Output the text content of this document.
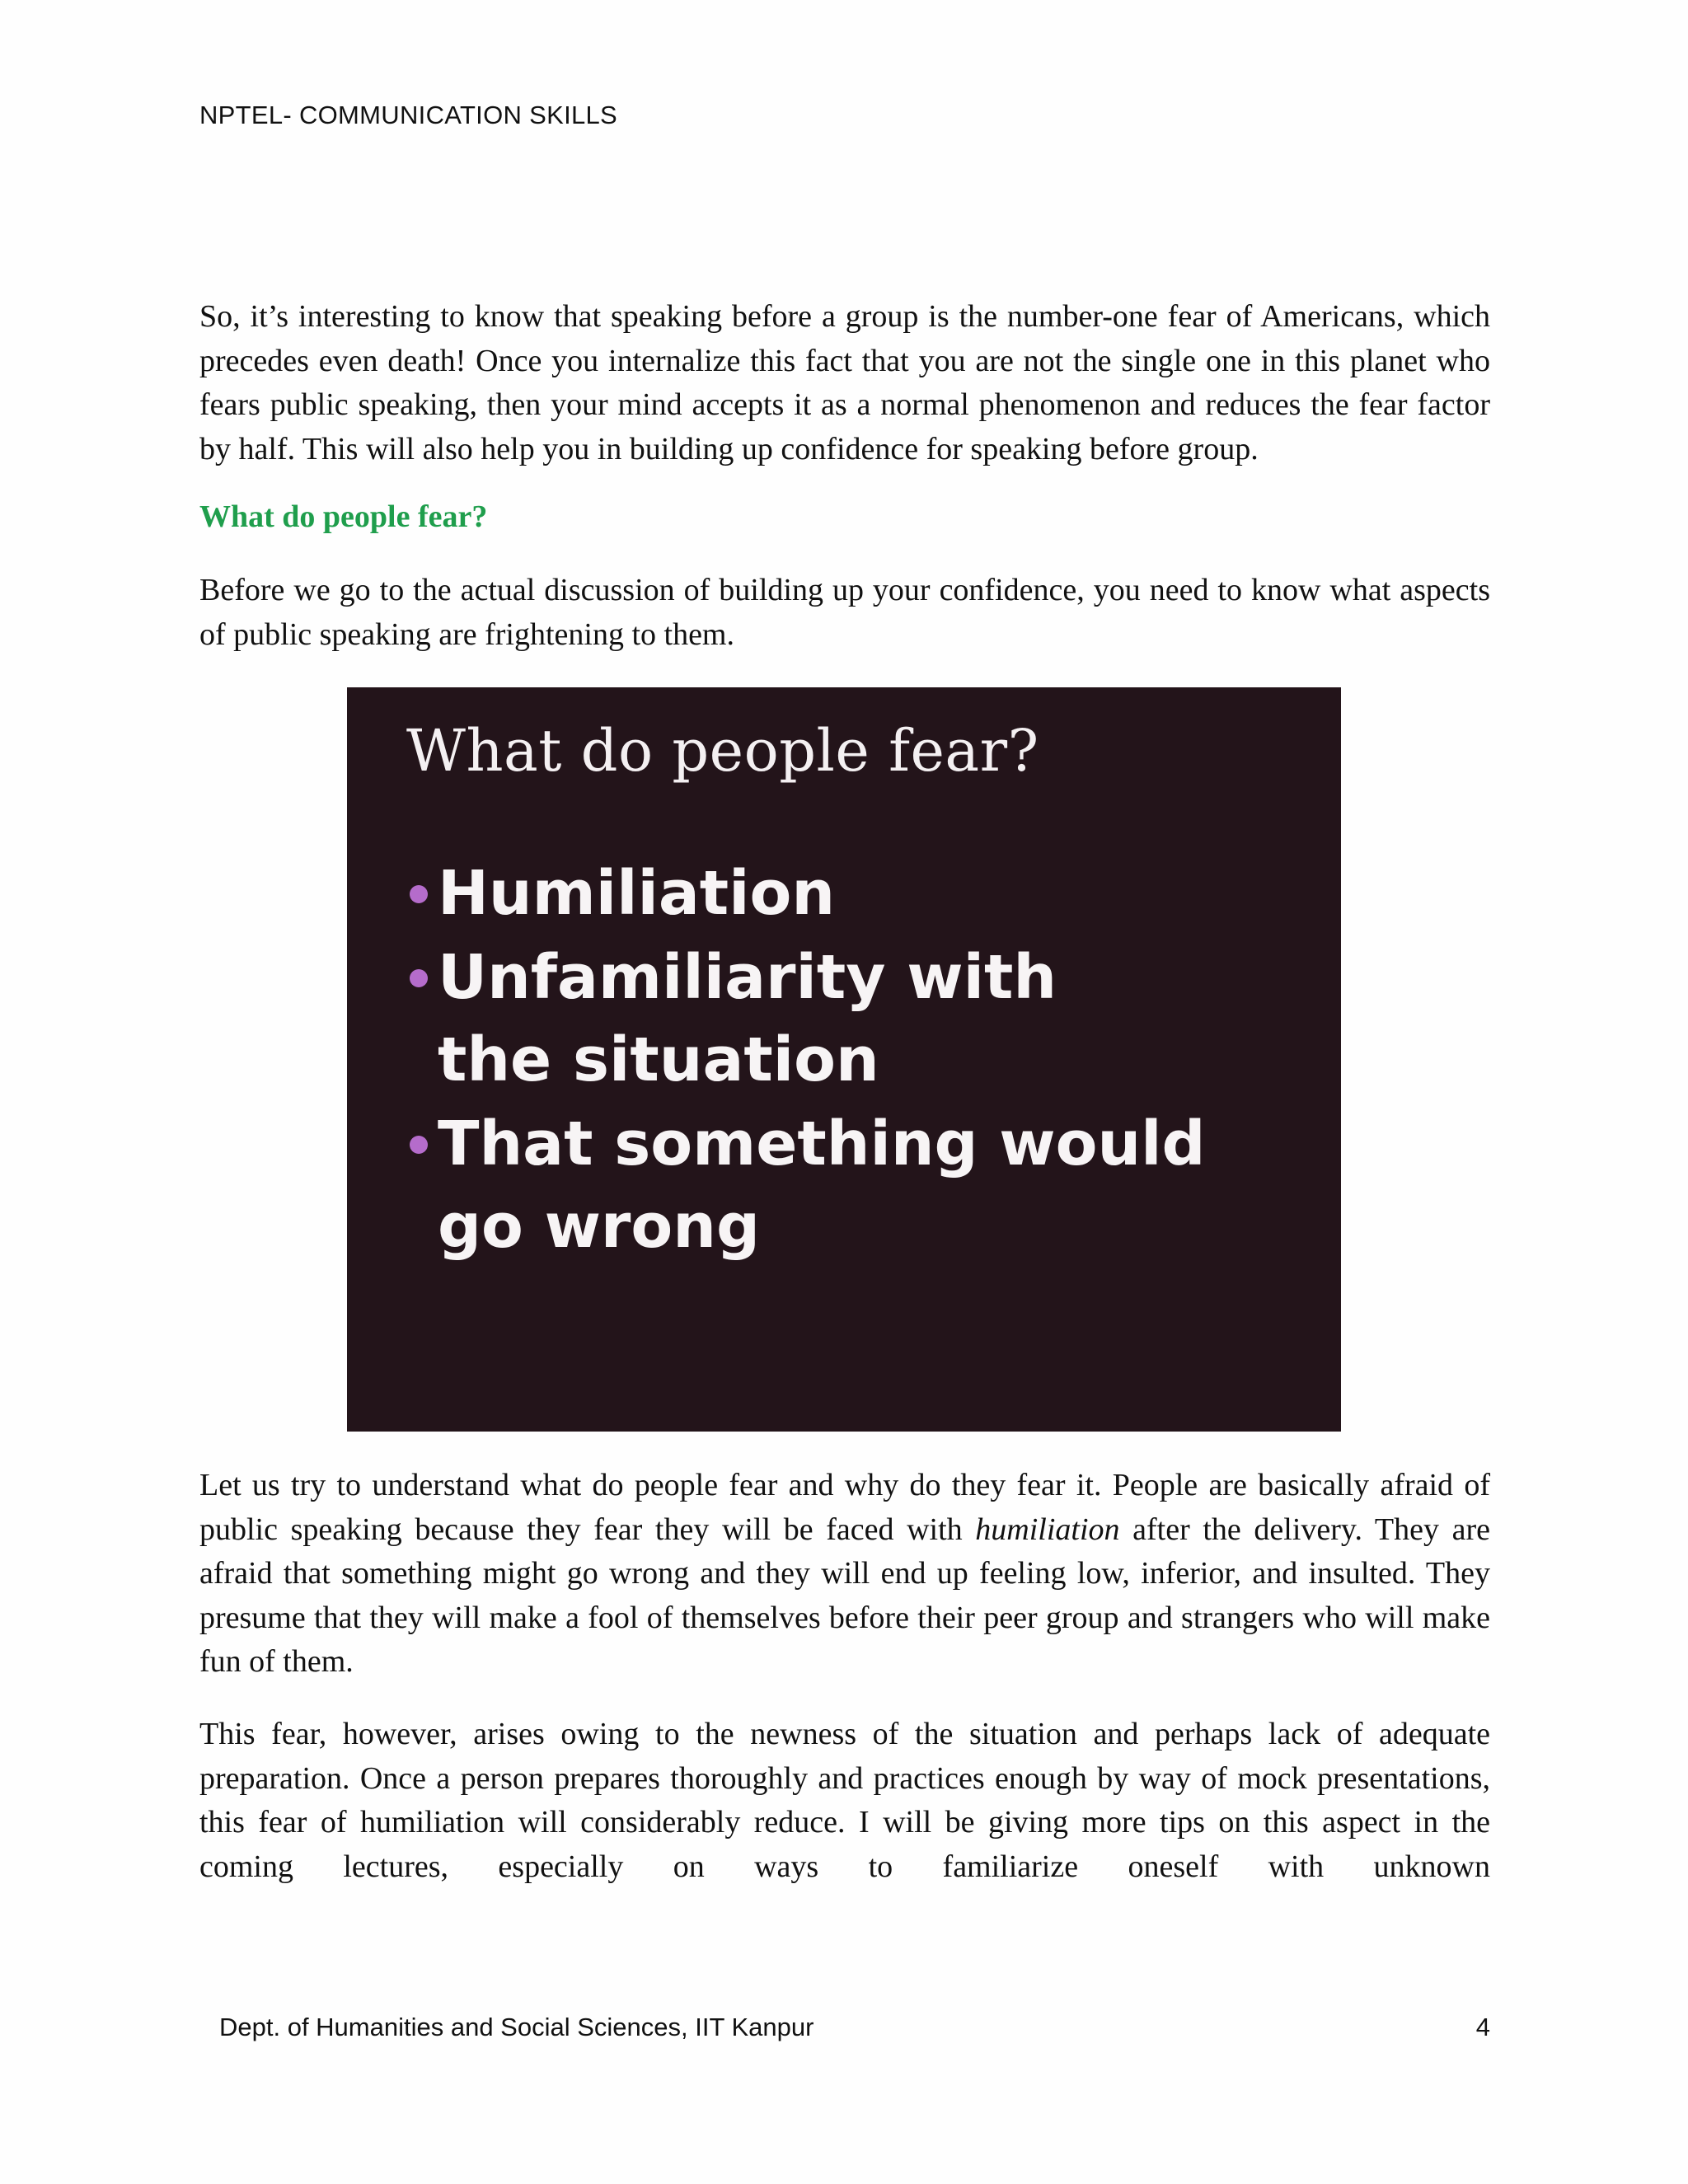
NPTEL- COMMUNICATION SKILLS

So, it’s interesting to know that speaking before a group is the number-one fear of Americans, which precedes even death! Once you internalize this fact that you are not the single one in this planet who fears public speaking, then your mind accepts it as a normal phenomenon and reduces the fear factor by half. This will also help you in building up confidence for speaking before group.

What do people fear?

Before we go to the actual discussion of building up your confidence, you need to know what aspects of public speaking are frightening to them.

What do people fear?
Humiliation
Unfamiliarity with the situation
That something would go wrong

Let us try to understand what do people fear and why do they fear it. People are basically afraid of public speaking because they fear they will be faced with humiliation after the delivery. They are afraid that something might go wrong and they will end up feeling low, inferior, and insulted. They presume that they will make a fool of themselves before their peer group and strangers who will make fun of them.

This fear, however, arises owing to the newness of the situation and perhaps lack of adequate preparation. Once a person prepares thoroughly and practices enough by way of mock presentations, this fear of humiliation will considerably reduce. I will be giving more tips on this aspect in the coming lectures, especially on ways to familiarize oneself with unknown

Dept. of Humanities and Social Sciences, IIT Kanpur	4
